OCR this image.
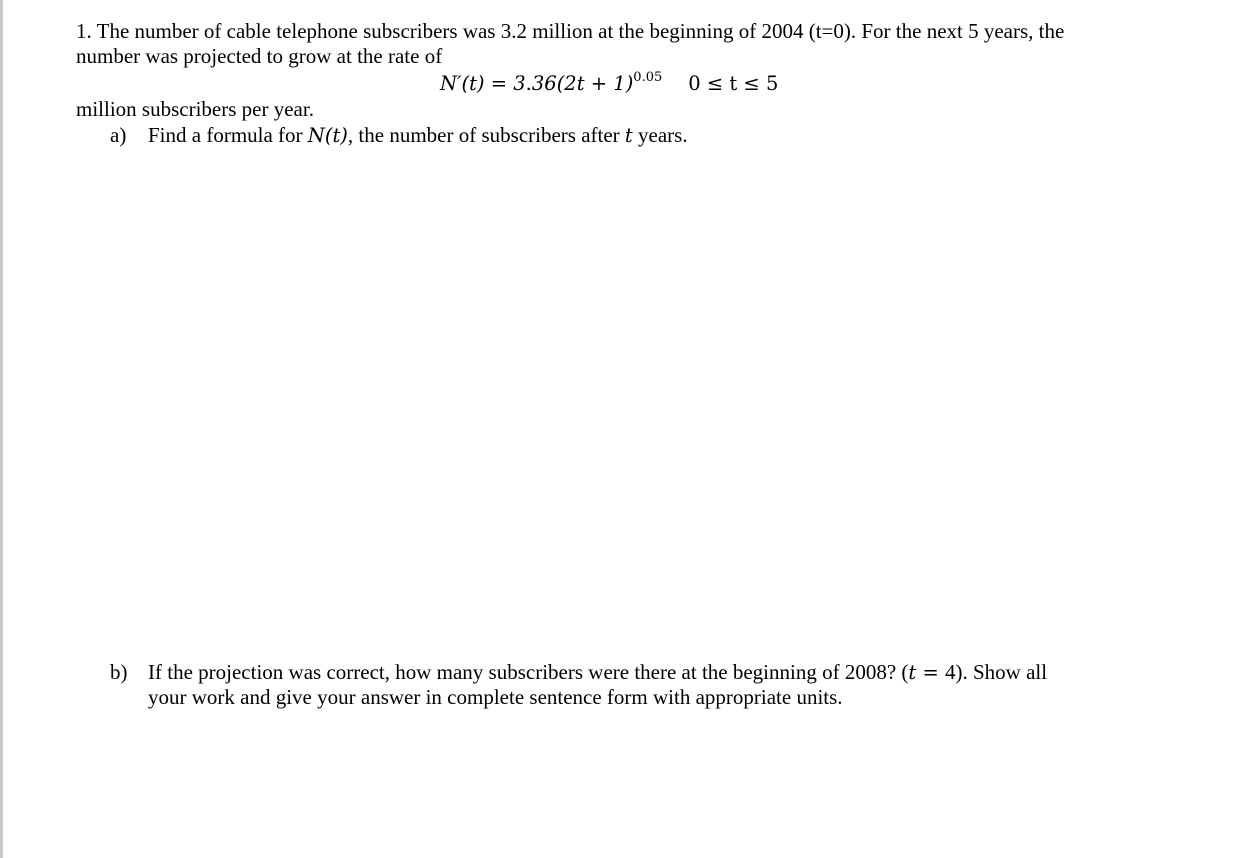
1. The number of cable telephone subscribers was 3.2 million at the beginning of 2004 (t=0). For the next 5 years, the
number was projected to grow at the rate of
$N'(t) = 3.36(2t + 1)^{0.05}$ 0 ≤ t ≤ 5
million subscribers per year.
a) Find a formula for N(t), the number of subscribers after t years.
b) If the projection was correct, how many subscribers were there at the beginning of 2008? (t = 4). Show all
your work and give your answer in complete sentence form with appropriate units.
